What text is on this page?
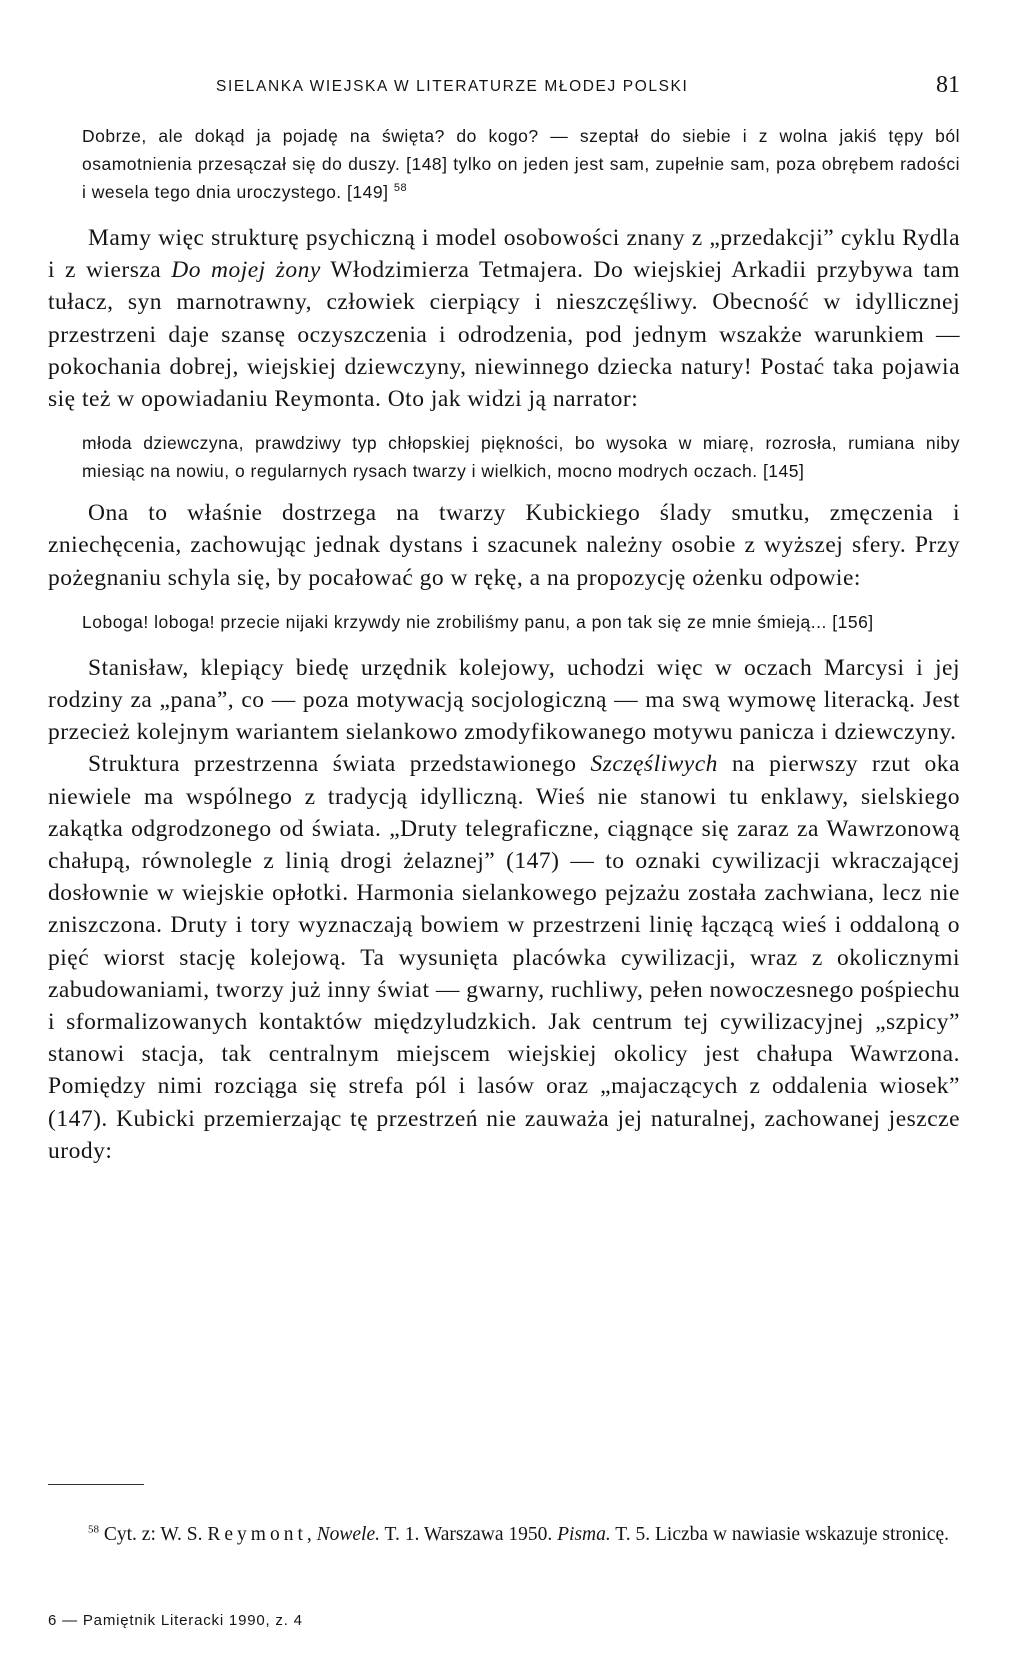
SIELANKA WIEJSKA W LITERATURZE MŁODEJ POLSKI	81

Dobrze, ale dokąd ja pojadę na święta? do kogo? — szeptał do siebie i z wolna jakiś tępy ból osamotnienia przesączał się do duszy. [148] tylko on jeden jest sam, zupełnie sam, poza obrębem radości i wesela tego dnia uroczystego. [149] $^{58}$

Mamy więc strukturę psychiczną i model osobowości znany z „przedakcji” cyklu Rydla i z wiersza Do mojej żony Włodzimierza Tetmajera. Do wiejskiej Arkadii przybywa tam tułacz, syn marnotrawny, człowiek cierpiący i nieszczęśliwy. Obecność w idyllicznej przestrzeni daje szansę oczyszczenia i odrodzenia, pod jednym wszakże warunkiem — pokochania dobrej, wiejskiej dziewczyny, niewinnego dziecka natury! Postać taka pojawia się też w opowiadaniu Reymonta. Oto jak widzi ją narrator:

młoda dziewczyna, prawdziwy typ chłopskiej piękności, bo wysoka w miarę, rozrosła, rumiana niby miesiąc na nowiu, o regularnych rysach twarzy i wielkich, mocno modrych oczach. [145]

Ona to właśnie dostrzega na twarzy Kubickiego ślady smutku, zmęczenia i zniechęcenia, zachowując jednak dystans i szacunek należny osobie z wyższej sfery. Przy pożegnaniu schyla się, by pocałować go w rękę, a na propozycję ożenku odpowie:

Loboga! loboga! przecie nijaki krzywdy nie zrobiliśmy panu, a pon tak się ze mnie śmieją... [156]

Stanisław, klepiący biedę urzędnik kolejowy, uchodzi więc w oczach Marcysi i jej rodziny za „pana”, co — poza motywacją socjologiczną — ma swą wymowę literacką. Jest przecież kolejnym wariantem sielankowo zmodyfikowanego motywu panicza i dziewczyny.

Struktura przestrzenna świata przedstawionego Szczęśliwych na pierwszy rzut oka niewiele ma wspólnego z tradycją idylliczną. Wieś nie stanowi tu enklawy, sielskiego zakątka odgrodzonego od świata. „Druty telegraficzne, ciągnące się zaraz za Wawrzonową chałupą, równolegle z linią drogi żelaznej” (147) — to oznaki cywilizacji wkraczającej dosłownie w wiejskie opłotki. Harmonia sielankowego pejzażu została zachwiana, lecz nie zniszczona. Druty i tory wyznaczają bowiem w przestrzeni linię łączącą wieś i oddaloną o pięć wiorst stację kolejową. Ta wysunięta placówka cywilizacji, wraz z okolicznymi zabudowaniami, tworzy już inny świat — gwarny, ruchliwy, pełen nowoczesnego pośpiechu i sformalizowanych kontaktów międzyludzkich. Jak centrum tej cywilizacyjnej „szpicy” stanowi stacja, tak centralnym miejscem wiejskiej okolicy jest chałupa Wawrzona. Pomiędzy nimi rozciąga się strefa pól i lasów oraz „majaczących z oddalenia wiosek” (147). Kubicki przemierzając tę przestrzeń nie zauważa jej naturalnej, zachowanej jeszcze urody:

$^{58}$ Cyt. z: W. S. Reymont, Nowele. T. 1. Warszawa 1950. Pisma. T. 5. Liczba w nawiasie wskazuje stronicę.

6 — Pamiętnik Literacki 1990, z. 4
